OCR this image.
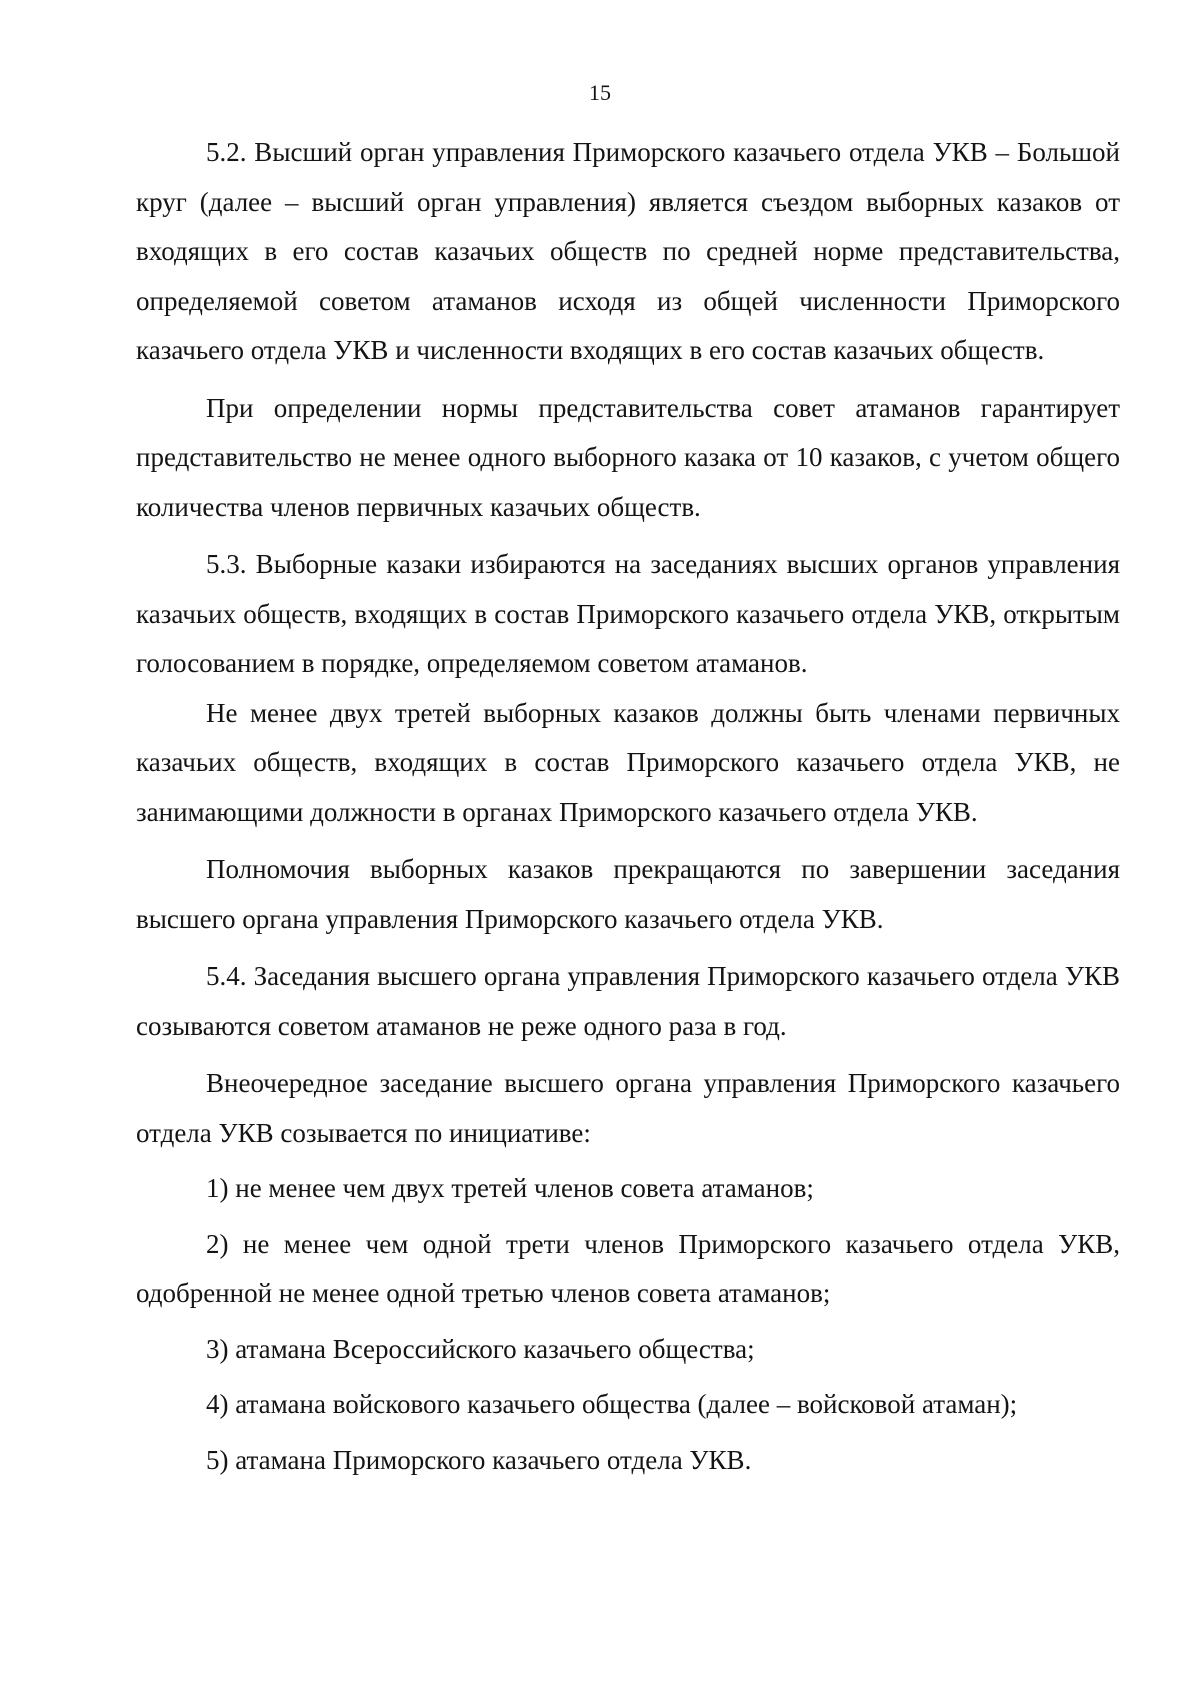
15

5.2. Высший орган управления Приморского казачьего отдела УКВ – Большой круг (далее – высший орган управления) является съездом выборных казаков от входящих в его состав казачьих обществ по средней норме представительства, определяемой советом атаманов исходя из общей численности Приморского казачьего отдела УКВ и численности входящих в его состав казачьих обществ.

При определении нормы представительства совет атаманов гарантирует представительство не менее одного выборного казака от 10 казаков, с учетом общего количества членов первичных казачьих обществ.

5.3. Выборные казаки избираются на заседаниях высших органов управления казачьих обществ, входящих в состав Приморского казачьего отдела УКВ, открытым голосованием в порядке, определяемом советом атаманов.

Не менее двух третей выборных казаков должны быть членами первичных казачьих обществ, входящих в состав Приморского казачьего отдела УКВ, не занимающими должности в органах Приморского казачьего отдела УКВ.

Полномочия выборных казаков прекращаются по завершении заседания высшего органа управления Приморского казачьего отдела УКВ.

5.4. Заседания высшего органа управления Приморского казачьего отдела УКВ созываются советом атаманов не реже одного раза в год.

Внеочередное заседание высшего органа управления Приморского казачьего отдела УКВ созывается по инициативе:

1) не менее чем двух третей членов совета атаманов;

2) не менее чем одной трети членов Приморского казачьего отдела УКВ, одобренной не менее одной третью членов совета атаманов;

3) атамана Всероссийского казачьего общества;

4) атамана войскового казачьего общества (далее – войсковой атаман);

5) атамана Приморского казачьего отдела УКВ.
